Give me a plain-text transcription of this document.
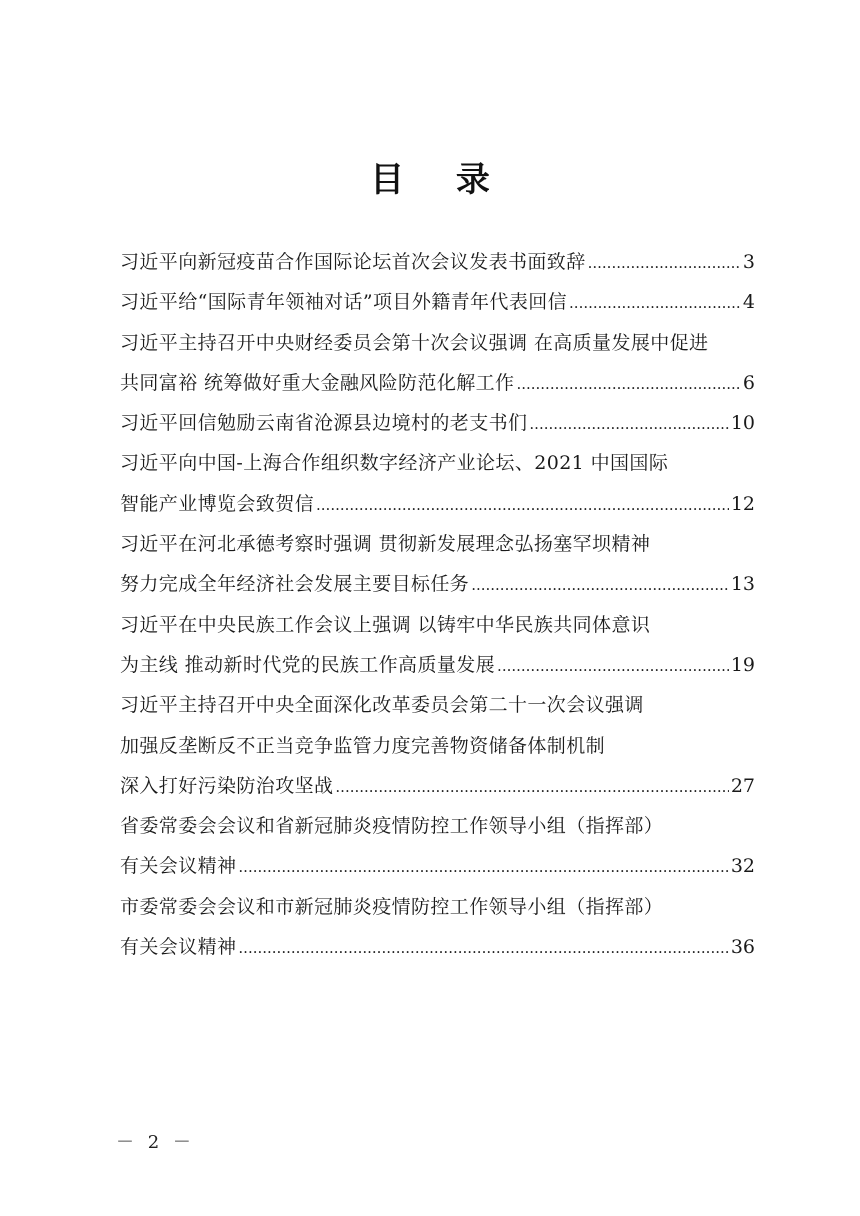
目 录
习近平向新冠疫苗合作国际论坛首次会议发表书面致辞 .....	3
习近平给“国际青年领袖对话”项目外籍青年代表回信 .....	4
习近平主持召开中央财经委员会第十次会议强调 在高质量发展中促进
共同富裕 统筹做好重大金融风险防范化解工作 .....	6
习近平回信勉励云南省沧源县边境村的老支书们 .....	10
习近平向中国-上海合作组织数字经济产业论坛、2021 中国国际
智能产业博览会致贺信 .....	12
习近平在河北承德考察时强调 贯彻新发展理念弘扬塞罕坝精神
努力完成全年经济社会发展主要目标任务 .....	13
习近平在中央民族工作会议上强调 以铸牢中华民族共同体意识
为主线 推动新时代党的民族工作高质量发展 .....	19
习近平主持召开中央全面深化改革委员会第二十一次会议强调
加强反垄断反不正当竞争监管力度完善物资储备体制机制
深入打好污染防治攻坚战 .....	27
省委常委会会议和省新冠肺炎疫情防控工作领导小组（指挥部）
有关会议精神 .....	32
市委常委会会议和市新冠肺炎疫情防控工作领导小组（指挥部）
有关会议精神 .....	36
－ 2 －
